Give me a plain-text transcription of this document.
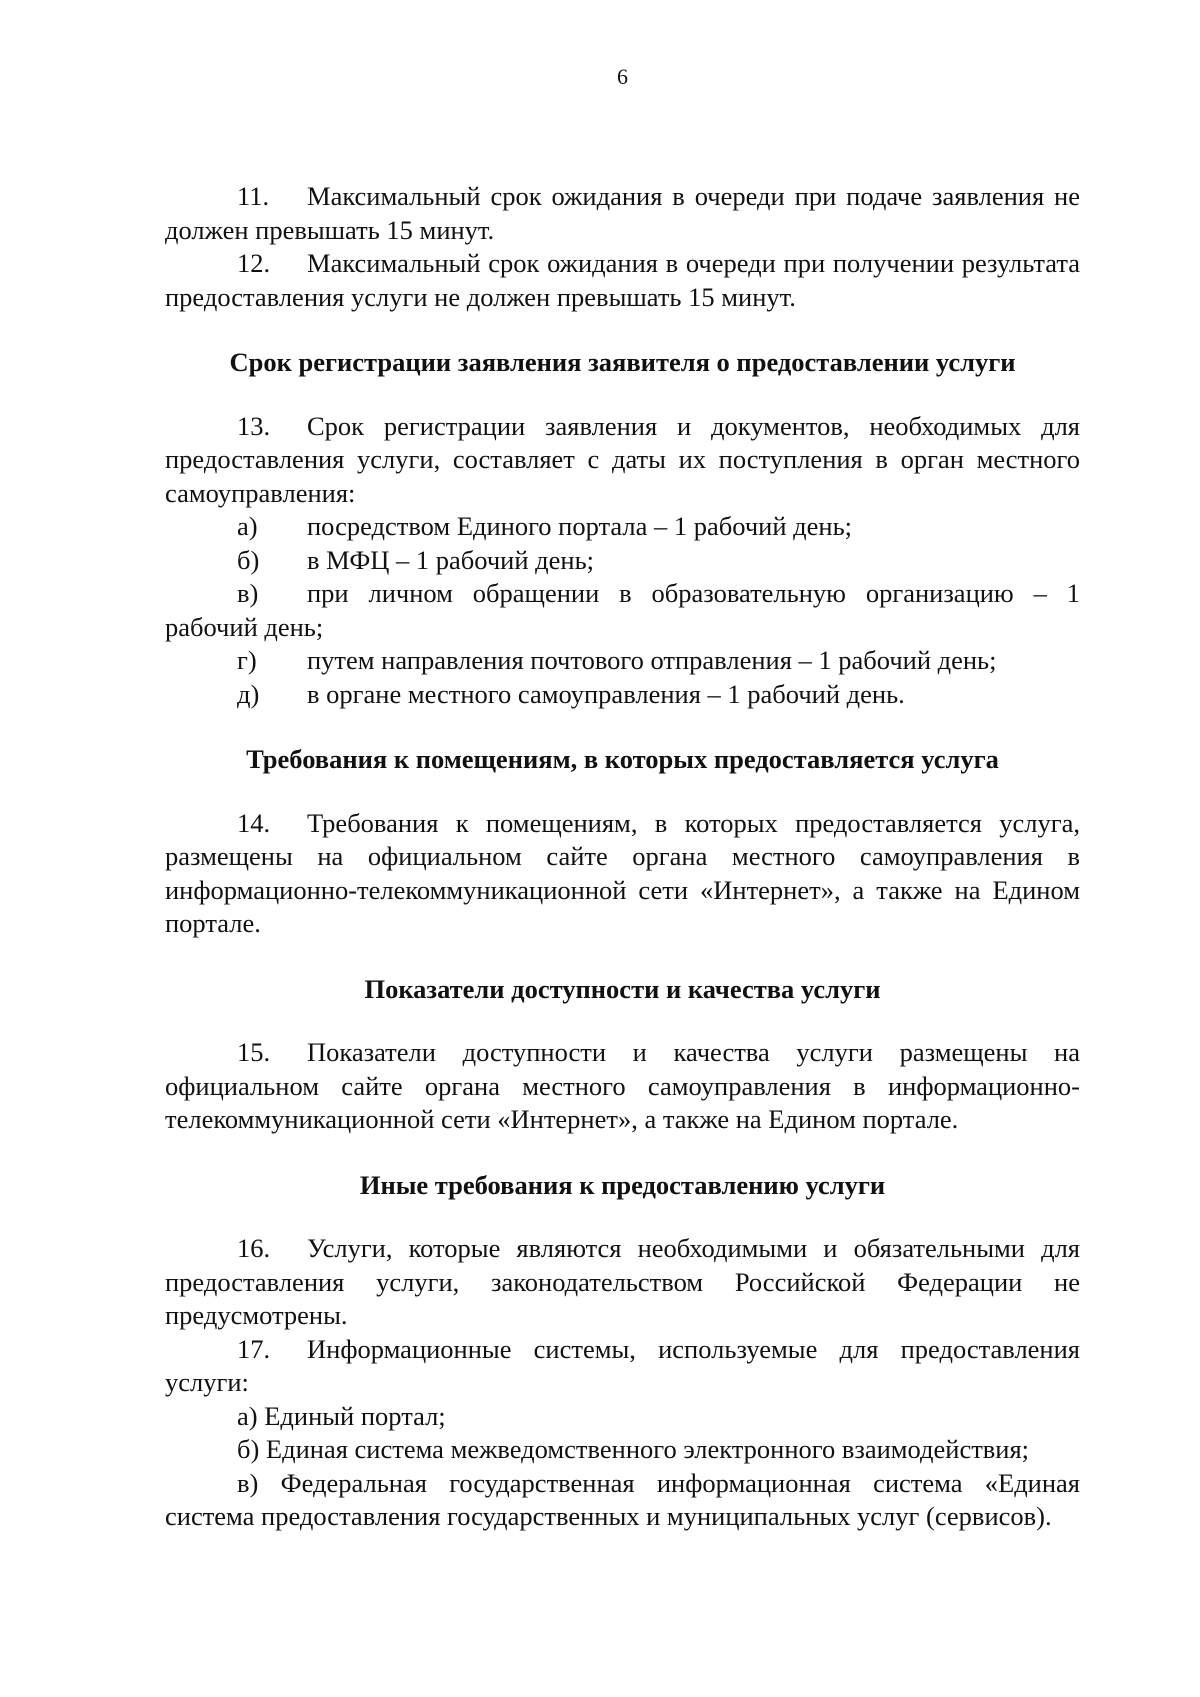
6

11. Максимальный срок ожидания в очереди при подаче заявления не должен превышать 15 минут.

12. Максимальный срок ожидания в очереди при получении результата предоставления услуги не должен превышать 15 минут.

Срок регистрации заявления заявителя о предоставлении услуги

13. Срок регистрации заявления и документов, необходимых для предоставления услуги, составляет с даты их поступления в орган местного самоуправления:

а) посредством Единого портала – 1 рабочий день;

б) в МФЦ – 1 рабочий день;

в) при личном обращении в образовательную организацию – 1 рабочий день;

г) путем направления почтового отправления – 1 рабочий день;

д) в органе местного самоуправления – 1 рабочий день.

Требования к помещениям, в которых предоставляется услуга

14. Требования к помещениям, в которых предоставляется услуга, размещены на официальном сайте органа местного самоуправления в информационно-телекоммуникационной сети «Интернет», а также на Едином портале.

Показатели доступности и качества услуги

15. Показатели доступности и качества услуги размещены на официальном сайте органа местного самоуправления в информационно-телекоммуникационной сети «Интернет», а также на Едином портале.

Иные требования к предоставлению услуги

16. Услуги, которые являются необходимыми и обязательными для предоставления услуги, законодательством Российской Федерации не предусмотрены.

17. Информационные системы, используемые для предоставления услуги:

а) Единый портал;

б) Единая система межведомственного электронного взаимодействия;

в) Федеральная государственная информационная система «Единая система предоставления государственных и муниципальных услуг (сервисов).
